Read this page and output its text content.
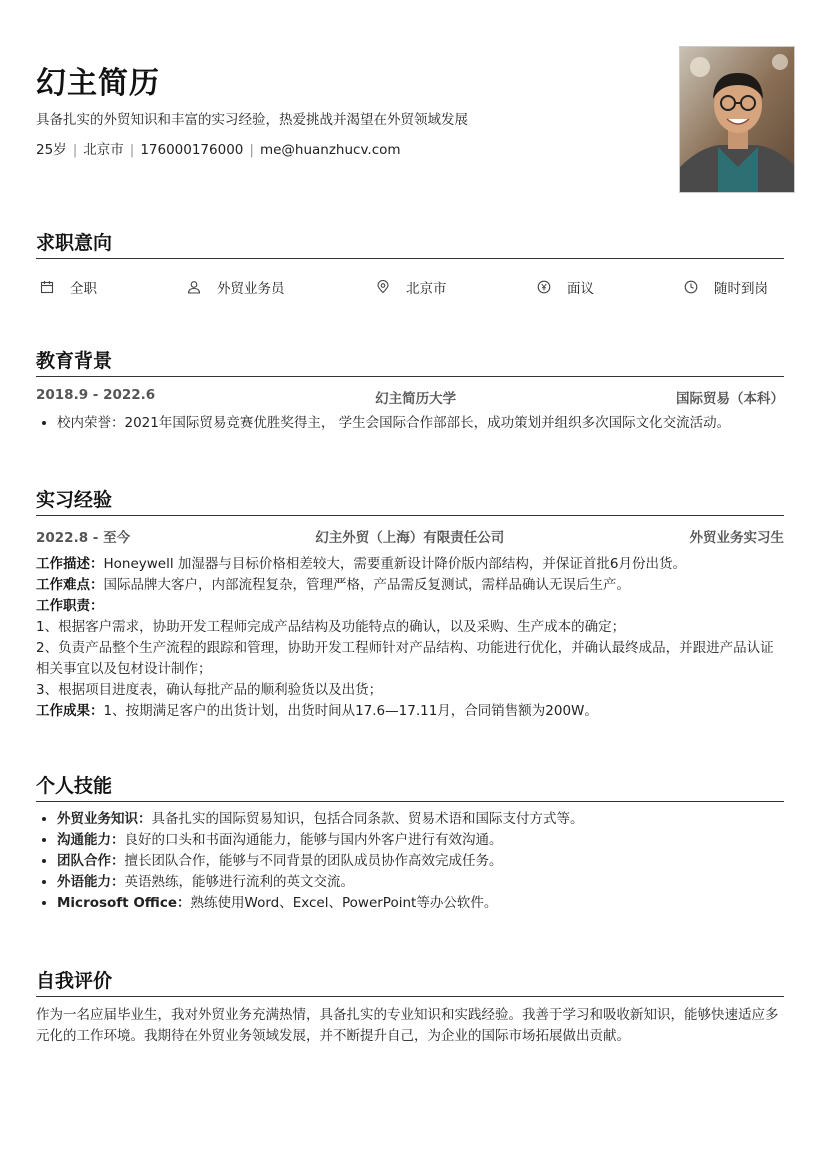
幻主简历
具备扎实的外贸知识和丰富的实习经验，热爱挑战并渴望在外贸领域发展
25岁 | 北京市 | 176000176000 | me@huanzhucv.com
求职意向
全职	外贸业务员	北京市	面议	随时到岗
教育背景
2018.9 - 2022.6	幻主简历大学	国际贸易（本科）
• 校内荣誉：2021年国际贸易竞赛优胜奖得主， 学生会国际合作部部长，成功策划并组织多次国际文化交流活动。
实习经验
2022.8 - 至今	幻主外贸（上海）有限责任公司	外贸业务实习生

工作描述：Honeywell 加湿器与目标价格相差较大，需要重新设计降价版内部结构，并保证首批6月份出货。

工作难点：国际品牌大客户，内部流程复杂，管理严格，产品需反复测试，需样品确认无误后生产。

工作职责：

1、根据客户需求，协助开发工程师完成产品结构及功能特点的确认，以及采购、生产成本的确定；

2、负责产品整个生产流程的跟踪和管理，协助开发工程师针对产品结构、功能进行优化，并确认最终成品，并跟进产品认证相关事宜以及包材设计制作；

3、根据项目进度表，确认每批产品的顺利验货以及出货；

工作成果：1、按期满足客户的出货计划，出货时间从17.6—17.11月，合同销售额为200W。

个人技能
• 外贸业务知识：具备扎实的国际贸易知识，包括合同条款、贸易术语和国际支付方式等。
• 沟通能力：良好的口头和书面沟通能力，能够与国内外客户进行有效沟通。
• 团队合作：擅长团队合作，能够与不同背景的团队成员协作高效完成任务。
• 外语能力：英语熟练，能够进行流利的英文交流。
• Microsoft Office：熟练使用Word、Excel、PowerPoint等办公软件。
自我评价

作为一名应届毕业生，我对外贸业务充满热情，具备扎实的专业知识和实践经验。我善于学习和吸收新知识，能够快速适应多元化的工作环境。我期待在外贸业务领域发展，并不断提升自己，为企业的国际市场拓展做出贡献。
